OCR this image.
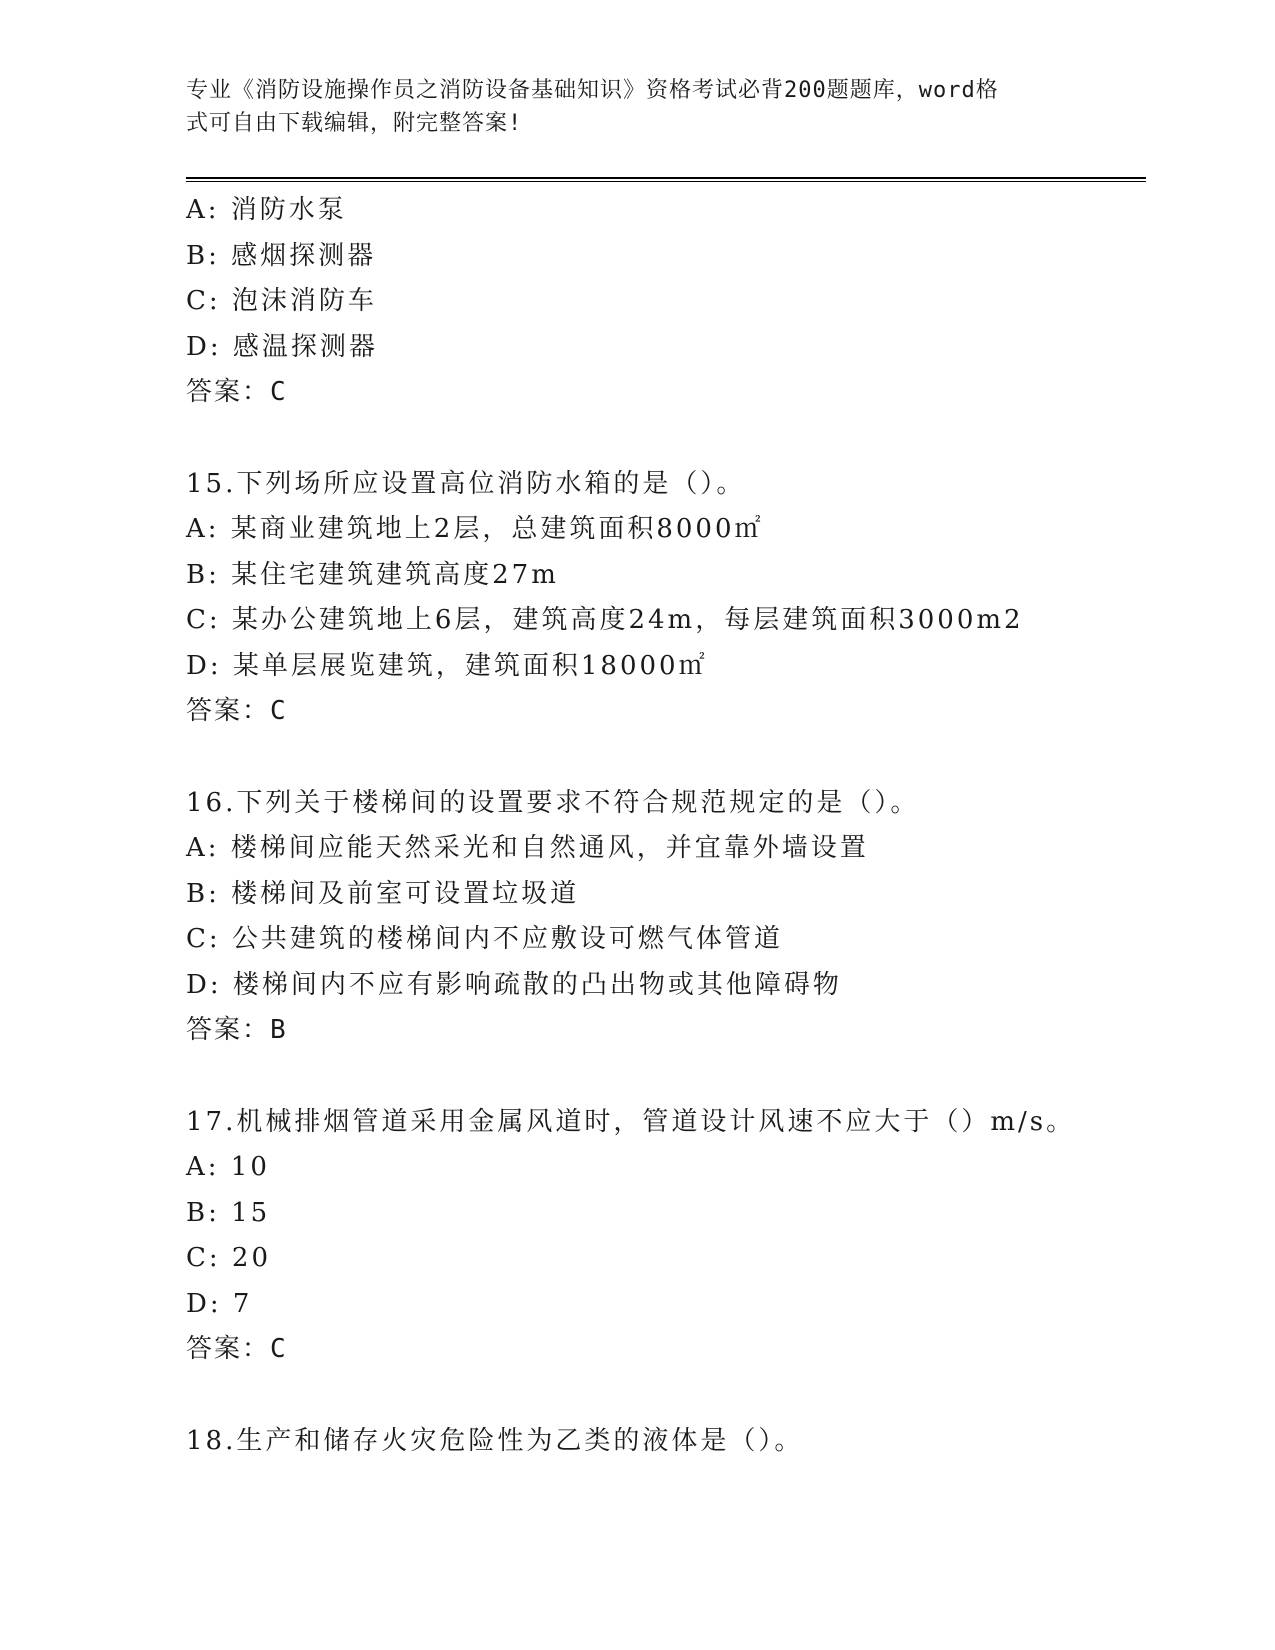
专业《消防设施操作员之消防设备基础知识》资格考试必背200题题库，word格
式可自由下载编辑，附完整答案!
A: 消防水泵
B: 感烟探测器
C: 泡沫消防车
D: 感温探测器
答案：C
15.下列场所应设置高位消防水箱的是（）。
A: 某商业建筑地上2层，总建筑面积8000㎡
B: 某住宅建筑建筑高度27m
C: 某办公建筑地上6层，建筑高度24m，每层建筑面积3000m2
D: 某单层展览建筑，建筑面积18000㎡
答案：C
16.下列关于楼梯间的设置要求不符合规范规定的是（）。
A: 楼梯间应能天然采光和自然通风，并宜靠外墙设置
B: 楼梯间及前室可设置垃圾道
C: 公共建筑的楼梯间内不应敷设可燃气体管道
D: 楼梯间内不应有影响疏散的凸出物或其他障碍物
答案：B
17.机械排烟管道采用金属风道时，管道设计风速不应大于（）m/s。
A: 10
B: 15
C: 20
D: 7
答案：C
18.生产和储存火灾危险性为乙类的液体是（）。
